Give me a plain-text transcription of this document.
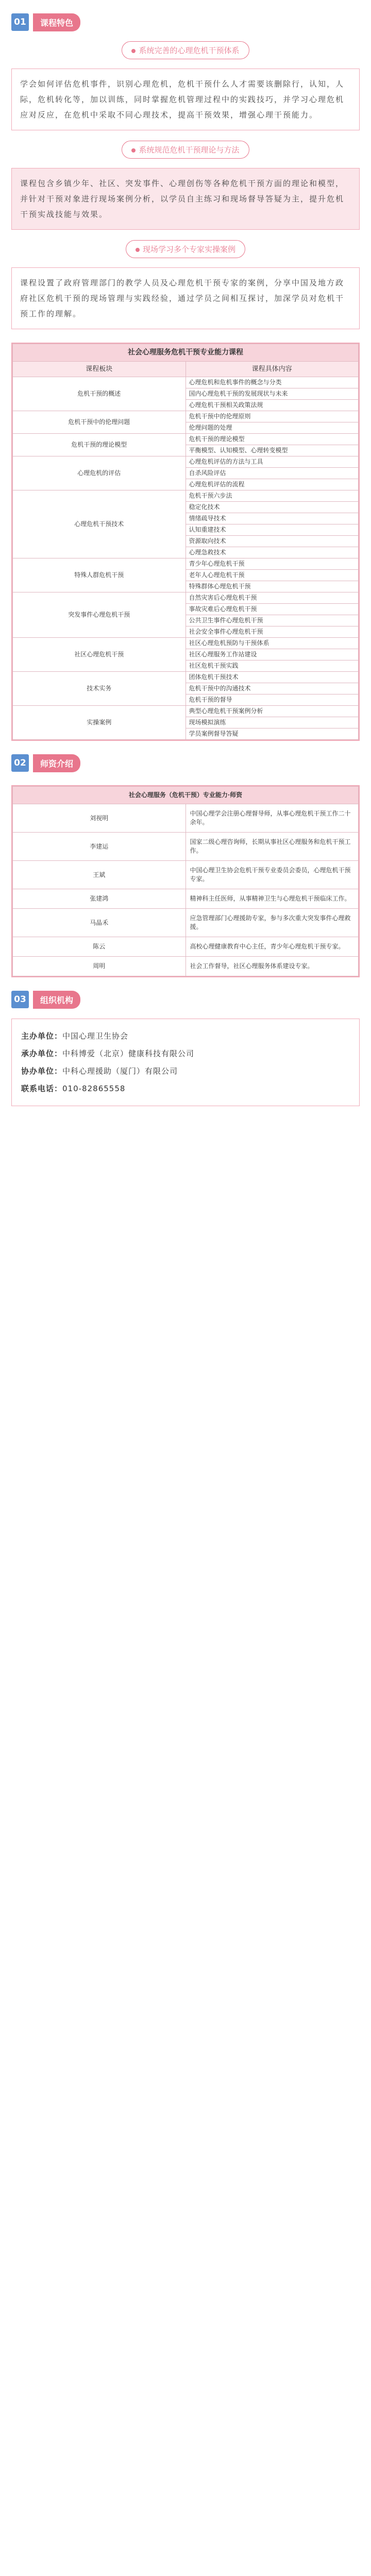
01	课程特色
系统完善的心理危机干预体系
学会如何评估危机事件，识别心理危机，危机干预什么人才需要该删除行，认知，人际，危机转化等，加以训练，同时掌握危机管理过程中的实践技巧，并学习心理危机应对反应，在危机中采取不同心理技术，提高干预效果，增强心理干预能力。
系统规范危机干预理论与方法
课程包含乡镇少年、社区、突发事件、心理创伤等各种危机干预方面的理论和模型，并针对干预对象进行现场案例分析，以学员自主练习和现场督导答疑为主，提升危机干预实战技能与效果。
现场学习多个专家实操案例
课程设置了政府管理部门的教学人员及心理危机干预专家的案例，分享中国及地方政府社区危机干预的现场管理与实践经验，通过学员之间相互探讨，加深学员对危机干预工作的理解。
社会心理服务危机干预专业能力课程	
课程板块	课程具体内容
危机干预的概述	心理危机和危机事件的概念与分类
	国内心理危机干预的发展现状与未来
	心理危机干预相关政策法规
危机干预中的伦理问题	危机干预中的伦理原则
	伦理问题的处理
危机干预的理论模型	危机干预的理论模型
	平衡模型、认知模型、心理转变模型
心理危机的评估	心理危机评估的方法与工具
	自杀风险评估
	心理危机评估的流程
心理危机干预技术	危机干预六步法
	稳定化技术
	情绪疏导技术
	认知重建技术
	资源取向技术
	心理急救技术
特殊人群危机干预	青少年心理危机干预
	老年人心理危机干预
	特殊群体心理危机干预
突发事件心理危机干预	自然灾害后心理危机干预
	事故灾难后心理危机干预
	公共卫生事件心理危机干预
	社会安全事件心理危机干预
社区心理危机干预	社区心理危机预防与干预体系
	社区心理服务工作站建设
	社区危机干预实践
技术实务	团体危机干预技术
	危机干预中的沟通技术
	危机干预的督导
实操案例	典型心理危机干预案例分析
	现场模拟演练
	学员案例督导答疑
02	师资介绍
社会心理服务（危机干预）专业能力·师资	
刘视明	中国心理学会注册心理督导师，从事心理危机干预工作二十余年。
李建运	国家二级心理咨询师，长期从事社区心理服务和危机干预工作。
王斌	中国心理卫生协会危机干预专业委员会委员，心理危机干预专家。
张建鸿	精神科主任医师，从事精神卫生与心理危机干预临床工作。
马晶禾	应急管理部门心理援助专家，参与多次重大突发事件心理救援。
陈云	高校心理健康教育中心主任，青少年心理危机干预专家。
周明	社会工作督导，社区心理服务体系建设专家。
03	组织机构
主办单位：中国心理卫生协会
承办单位：中科博爱（北京）健康科技有限公司
协办单位：中科心理援助（厦门）有限公司
联系电话：010-82865558
